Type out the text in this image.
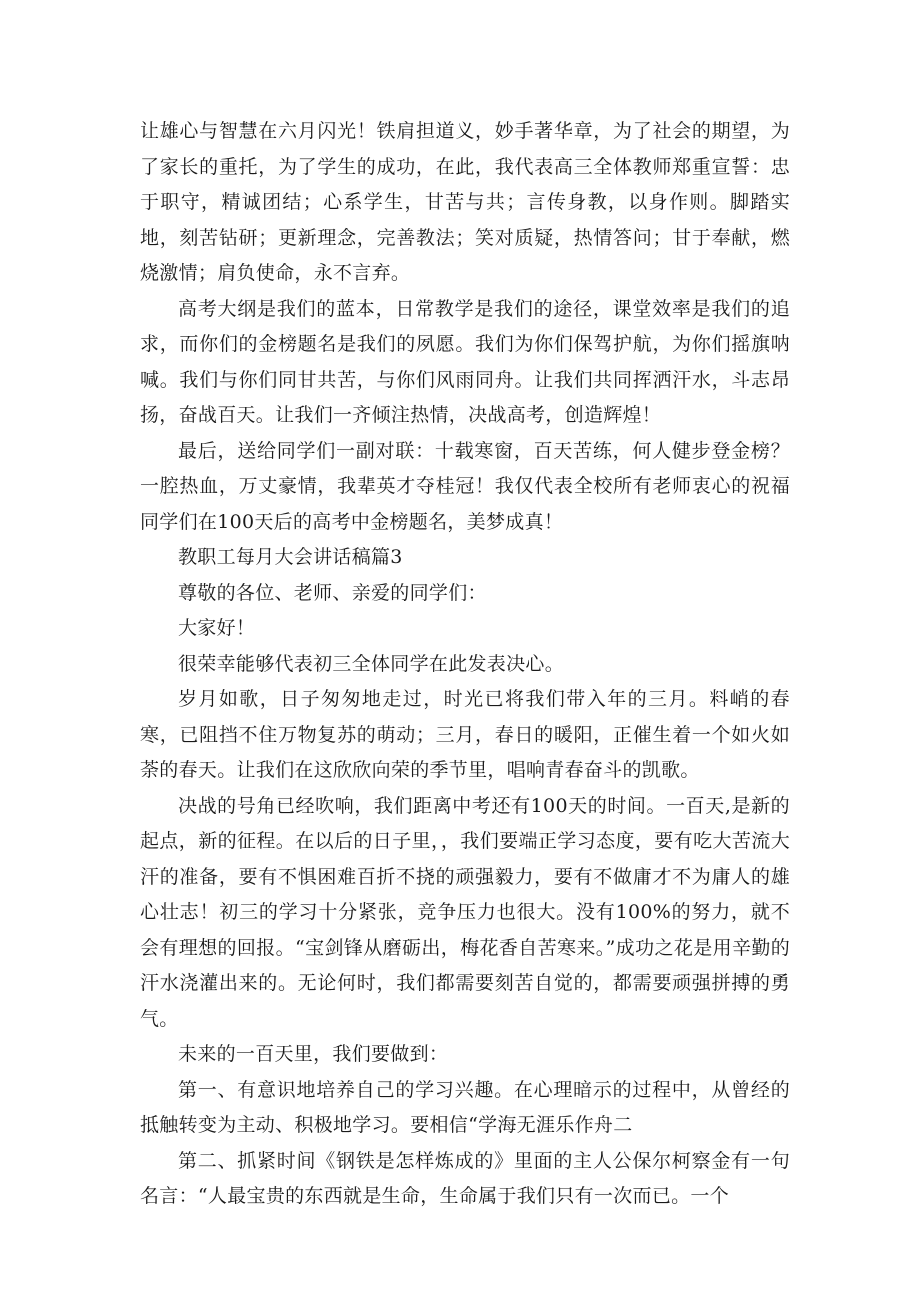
让雄心与智慧在六月闪光！铁肩担道义，妙手著华章，为了社会的期望，为了家长的重托，为了学生的成功，在此，我代表高三全体教师郑重宣誓：忠于职守，精诚团结；心系学生，甘苦与共；言传身教，以身作则。脚踏实地，刻苦钻研；更新理念，完善教法；笑对质疑，热情答问；甘于奉献，燃烧激情；肩负使命，永不言弃。

高考大纲是我们的蓝本，日常教学是我们的途径，课堂效率是我们的追求，而你们的金榜题名是我们的夙愿。我们为你们保驾护航，为你们摇旗呐喊。我们与你们同甘共苦，与你们风雨同舟。让我们共同挥洒汗水，斗志昂扬，奋战百天。让我们一齐倾注热情，决战高考，创造辉煌！

最后，送给同学们一副对联：十载寒窗，百天苦练，何人健步登金榜？一腔热血，万丈豪情，我辈英才夺桂冠！我仅代表全校所有老师衷心的祝福同学们在100天后的高考中金榜题名，美梦成真！

教职工每月大会讲话稿篇3

尊敬的各位、老师、亲爱的同学们：

大家好！

很荣幸能够代表初三全体同学在此发表决心。

岁月如歌，日子匆匆地走过，时光已将我们带入年的三月。料峭的春寒，已阻挡不住万物复苏的萌动；三月，春日的暖阳，正催生着一个如火如荼的春天。让我们在这欣欣向荣的季节里，唱响青春奋斗的凯歌。

决战的号角已经吹响，我们距离中考还有100天的时间。一百天,是新的起点，新的征程。在以后的日子里，，我们要端正学习态度，要有吃大苦流大汗的准备，要有不惧困难百折不挠的顽强毅力，要有不做庸才不为庸人的雄心壮志！初三的学习十分紧张，竞争压力也很大。没有100%的努力，就不会有理想的回报。“宝剑锋从磨砺出，梅花香自苦寒来。”成功之花是用辛勤的汗水浇灌出来的。无论何时，我们都需要刻苦自觉的，都需要顽强拼搏的勇气。

未来的一百天里，我们要做到：

第一、有意识地培养自己的学习兴趣。在心理暗示的过程中，从曾经的抵触转变为主动、积极地学习。要相信“学海无涯乐作舟二

第二、抓紧时间《钢铁是怎样炼成的》里面的主人公保尔柯察金有一句名言：“人最宝贵的东西就是生命，生命属于我们只有一次而已。一个
